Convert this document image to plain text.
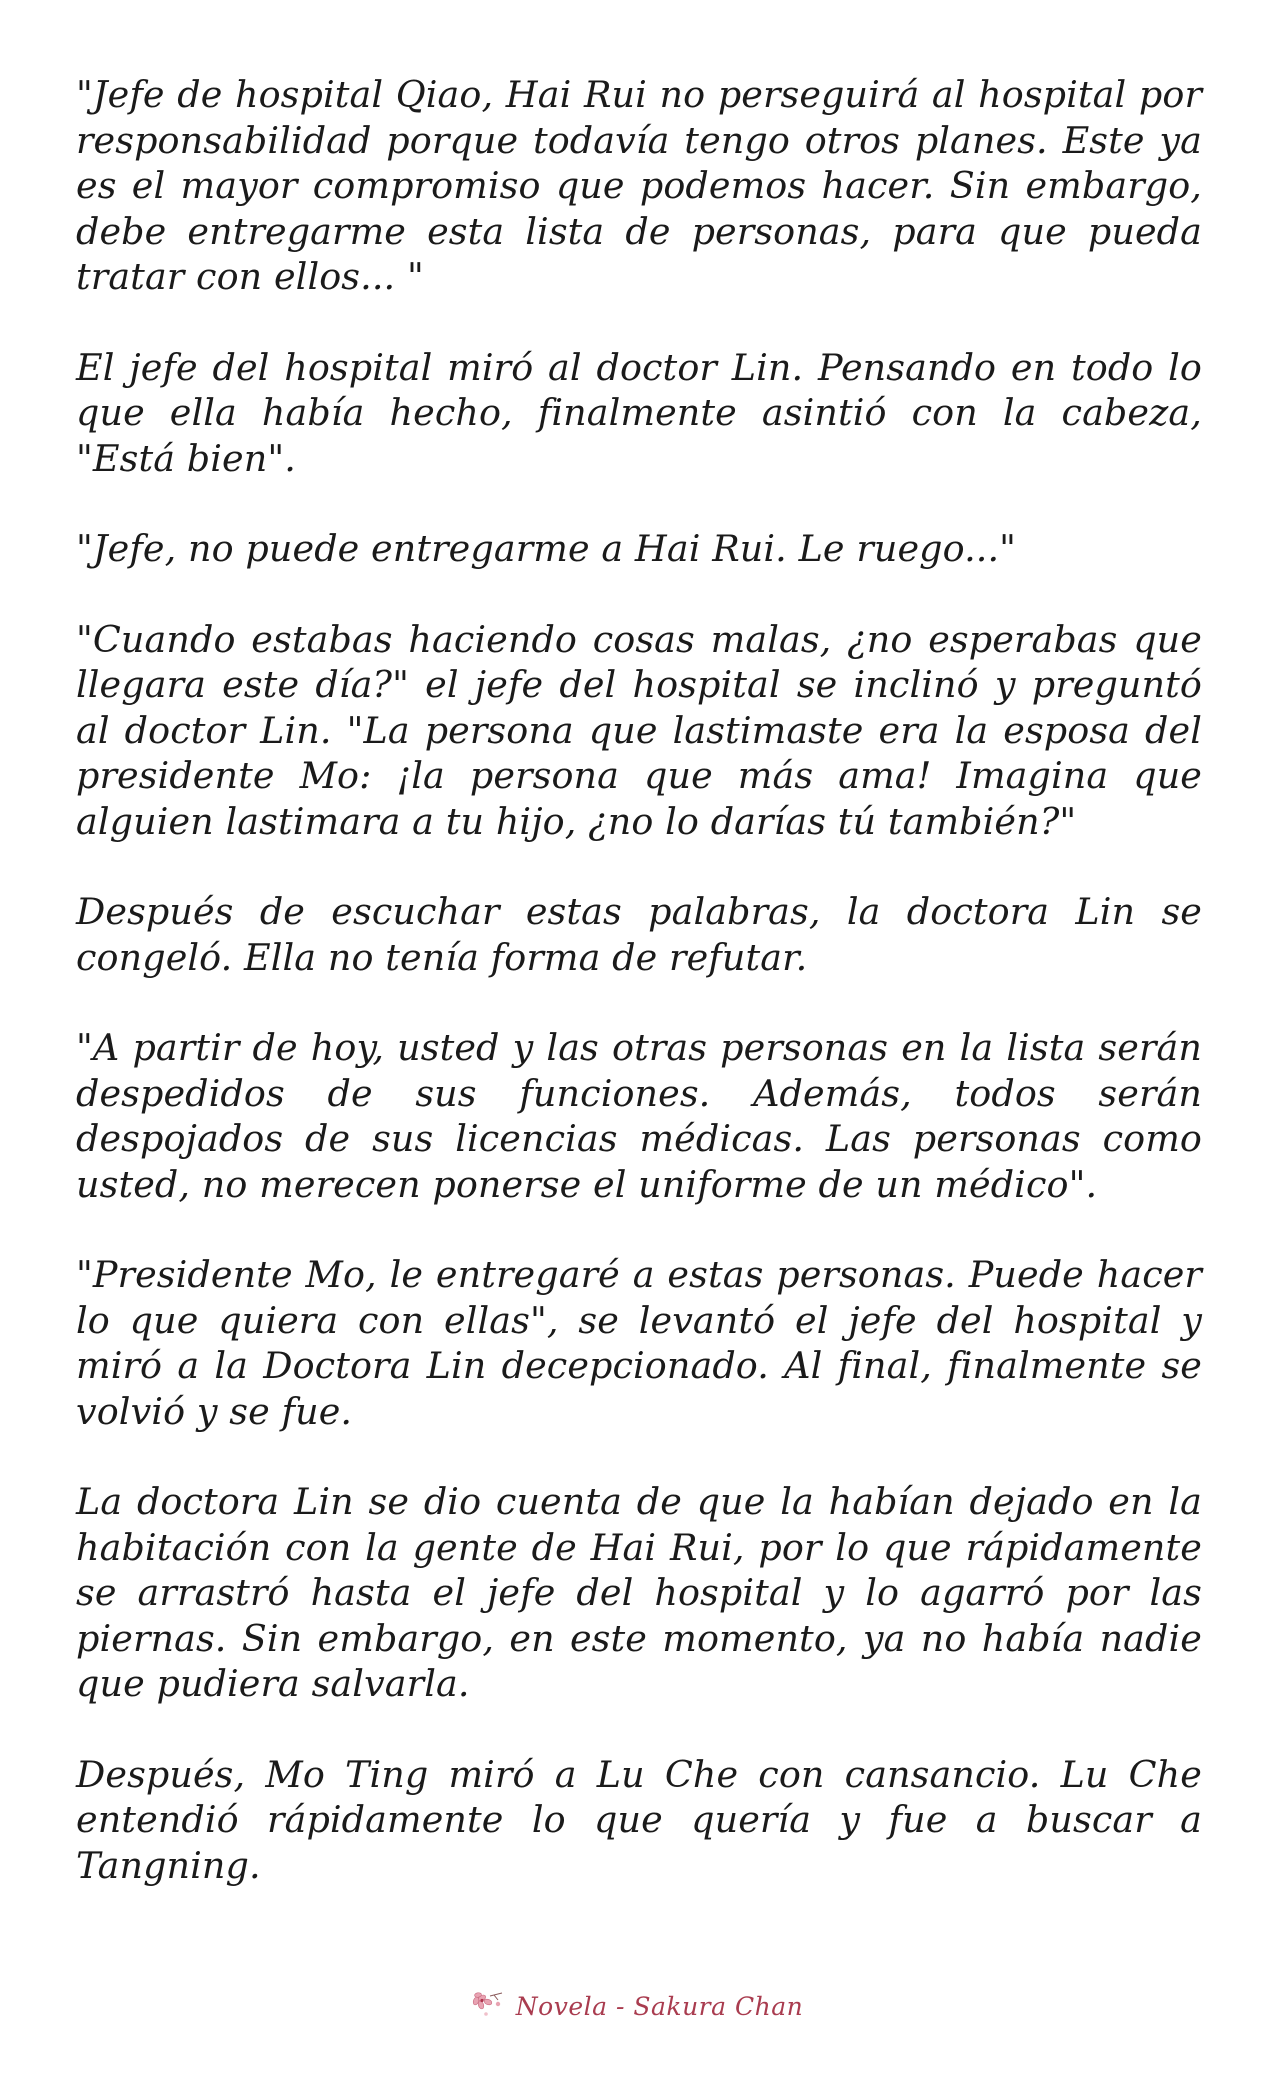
"Jefe de hospital Qiao, Hai Rui no perseguirá al hospital por responsabilidad porque todavía tengo otros planes. Este ya es el mayor compromiso que podemos hacer. Sin embargo, debe entregarme esta lista de personas, para que pueda tratar con ellos... "

El jefe del hospital miró al doctor Lin. Pensando en todo lo que ella había hecho, finalmente asintió con la cabeza, "Está bien".

"Jefe, no puede entregarme a Hai Rui. Le ruego..."

"Cuando estabas haciendo cosas malas, ¿no esperabas que llegara este día?" el jefe del hospital se inclinó y preguntó al doctor Lin. "La persona que lastimaste era la esposa del presidente Mo: ¡la persona que más ama! Imagina que alguien lastimara a tu hijo, ¿no lo darías tú también?"

Después de escuchar estas palabras, la doctora Lin se congeló. Ella no tenía forma de refutar.

"A partir de hoy, usted y las otras personas en la lista serán despedidos de sus funciones. Además, todos serán despojados de sus licencias médicas. Las personas como usted, no merecen ponerse el uniforme de un médico".

"Presidente Mo, le entregaré a estas personas. Puede hacer lo que quiera con ellas", se levantó el jefe del hospital y miró a la Doctora Lin decepcionado. Al final, finalmente se volvió y se fue.

La doctora Lin se dio cuenta de que la habían dejado en la habitación con la gente de Hai Rui, por lo que rápidamente se arrastró hasta el jefe del hospital y lo agarró por las piernas. Sin embargo, en este momento, ya no había nadie que pudiera salvarla.

Después, Mo Ting miró a Lu Che con cansancio. Lu Che entendió rápidamente lo que quería y fue a buscar a Tangning.

Novela - Sakura Chan
